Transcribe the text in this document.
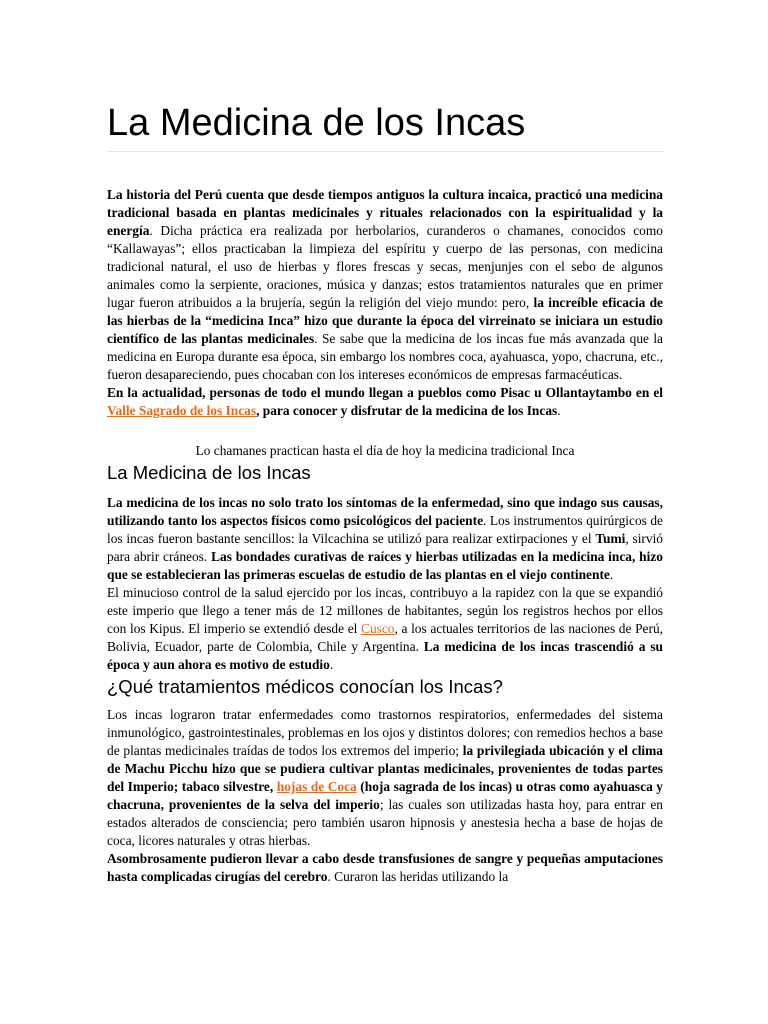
La Medicina de los Incas

La historia del Perú cuenta que desde tiempos antiguos la cultura incaica, practicó una medicina tradicional basada en plantas medicinales y rituales relacionados con la espiritualidad y la energía. Dicha práctica era realizada por herbolarios, curanderos o chamanes, conocidos como “Kallawayas”; ellos practicaban la limpieza del espíritu y cuerpo de las personas, con medicina tradicional natural, el uso de hierbas y flores frescas y secas, menjunjes con el sebo de algunos animales como la serpiente, oraciones, música y danzas; estos tratamientos naturales que en primer lugar fueron atribuidos a la brujería, según la religión del viejo mundo: pero, la increíble eficacia de las hierbas de la “medicina Inca” hizo que durante la época del virreinato se iniciara un estudio científico de las plantas medicinales. Se sabe que la medicina de los incas fue más avanzada que la medicina en Europa durante esa época, sin embargo los nombres coca, ayahuasca, yopo, chacruna, etc., fueron desapareciendo, pues chocaban con los intereses económicos de empresas farmacéuticas.

En la actualidad, personas de todo el mundo llegan a pueblos como Pisac u Ollantaytambo en el Valle Sagrado de los Incas, para conocer y disfrutar de la medicina de los Incas.

Lo chamanes practican hasta el día de hoy la medicina tradicional Inca

La Medicina de los Incas

La medicina de los incas no solo trato los síntomas de la enfermedad, sino que indago sus causas, utilizando tanto los aspectos físicos como psicológicos del paciente. Los instrumentos quirúrgicos de los incas fueron bastante sencillos: la Vilcachina se utilizó para realizar extirpaciones y el Tumi, sirvió para abrir cráneos. Las bondades curativas de raíces y hierbas utilizadas en la medicina inca, hizo que se establecieran las primeras escuelas de estudio de las plantas en el viejo continente.

El minucioso control de la salud ejercido por los incas, contribuyo a la rapidez con la que se expandió este imperio que llego a tener más de 12 millones de habitantes, según los registros hechos por ellos con los Kipus. El imperio se extendió desde el Cusco, a los actuales territorios de las naciones de Perú, Bolivia, Ecuador, parte de Colombia, Chile y Argentina. La medicina de los incas trascendió a su época y aun ahora es motivo de estudio.

¿Qué tratamientos médicos conocían los Incas?

Los incas lograron tratar enfermedades como trastornos respiratorios, enfermedades del sistema inmunológico, gastrointestinales, problemas en los ojos y distintos dolores; con remedios hechos a base de plantas medicinales traídas de todos los extremos del imperio; la privilegiada ubicación y el clima de Machu Picchu hizo que se pudiera cultivar plantas medicinales, provenientes de todas partes del Imperio; tabaco silvestre, hojas de Coca (hoja sagrada de los incas) u otras como ayahuasca y chacruna, provenientes de la selva del imperio; las cuales son utilizadas hasta hoy, para entrar en estados alterados de consciencia; pero también usaron hipnosis y anestesia hecha a base de hojas de coca, licores naturales y otras hierbas.

Asombrosamente pudieron llevar a cabo desde transfusiones de sangre y pequeñas amputaciones hasta complicadas cirugías del cerebro. Curaron las heridas utilizando la
